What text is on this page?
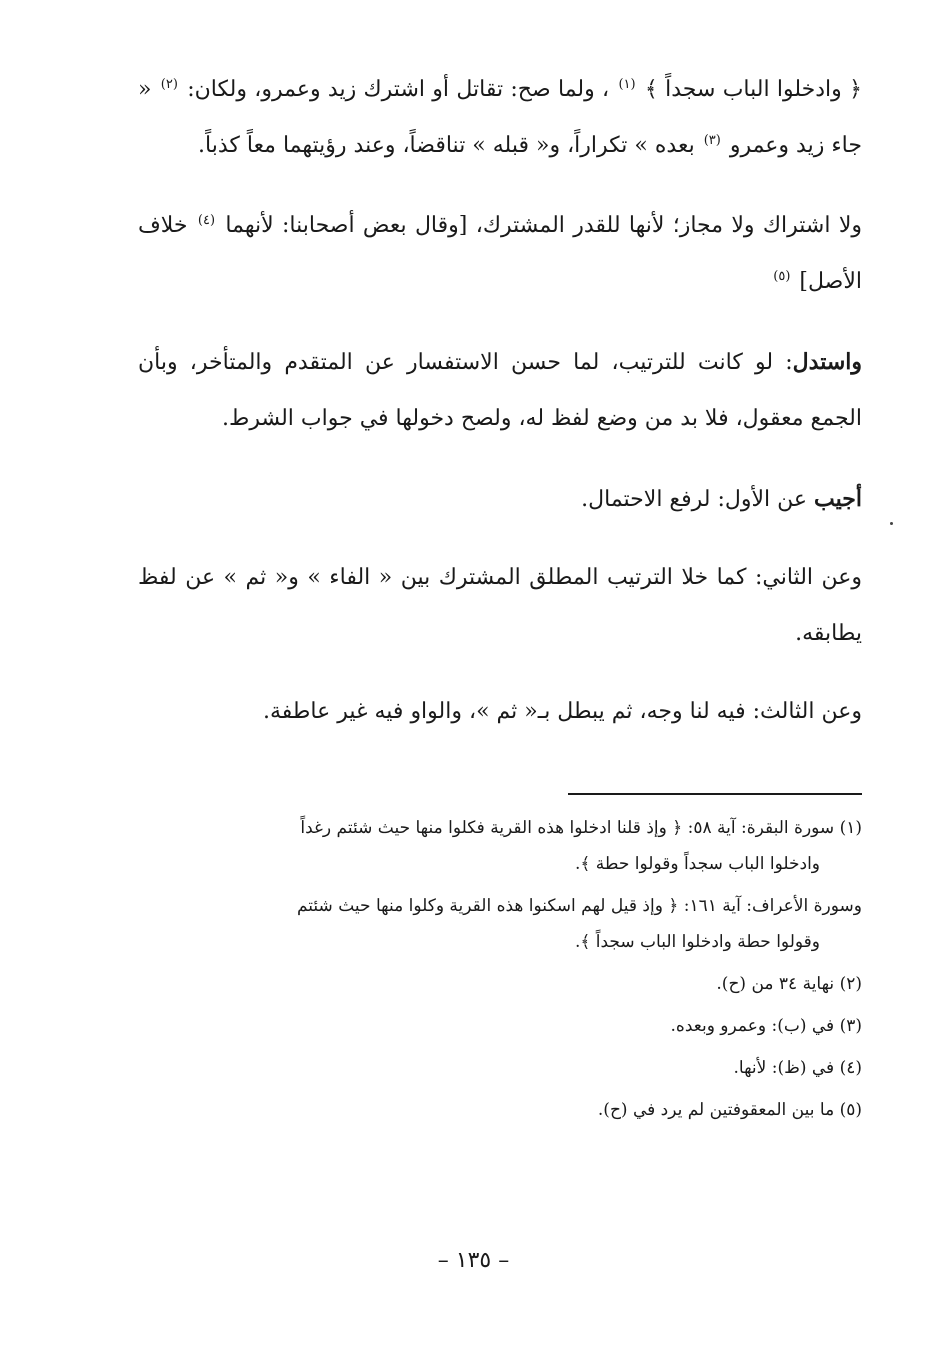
﴿ وادخلوا الباب سجداً ﴾ $^{(١)}$ ، ولما صح: تقاتل أو اشترك زيد وعمرو، ولكان: $^{(٢)}$ « جاء زيد وعمرو $^{(٣)}$ بعده » تكراراً، و« قبله » تناقضاً، وعند رؤيتهما معاً كذباً.

ولا اشتراك ولا مجاز؛ لأنها للقدر المشترك، [وقال بعض أصحابنا: لأنهما $^{(٤)}$ خلاف الأصل] $^{(٥)}$

واستدل: لو كانت للترتيب، لما حسن الاستفسار عن المتقدم والمتأخر، وبأن الجمع معقول، فلا بد من وضع لفظ له، ولصح دخولها في جواب الشرط.

أجيب عن الأول: لرفع الاحتمال.

وعن الثاني: كما خلا الترتيب المطلق المشترك بين « الفاء » و« ثم » عن لفظ يطابقه.

وعن الثالث: فيه لنا وجه، ثم يبطل بـ« ثم »، والواو فيه غير عاطفة.

(١) سورة البقرة: آية ٥٨: ﴿ وإذ قلنا ادخلوا هذه القرية فكلوا منها حيث شئتم رغداً
وادخلوا الباب سجداً وقولوا حطة ﴾.

وسورة الأعراف: آية ١٦١: ﴿ وإذ قيل لهم اسكنوا هذه القرية وكلوا منها حيث شئتم
وقولوا حطة وادخلوا الباب سجداً ﴾.

(٢) نهاية ٣٤ من (ح).

(٣) في (ب): وعمرو وبعده.

(٤) في (ظ): لأنها.

(٥) ما بين المعقوفتين لم يرد في (ح).

– ١٣٥ –
